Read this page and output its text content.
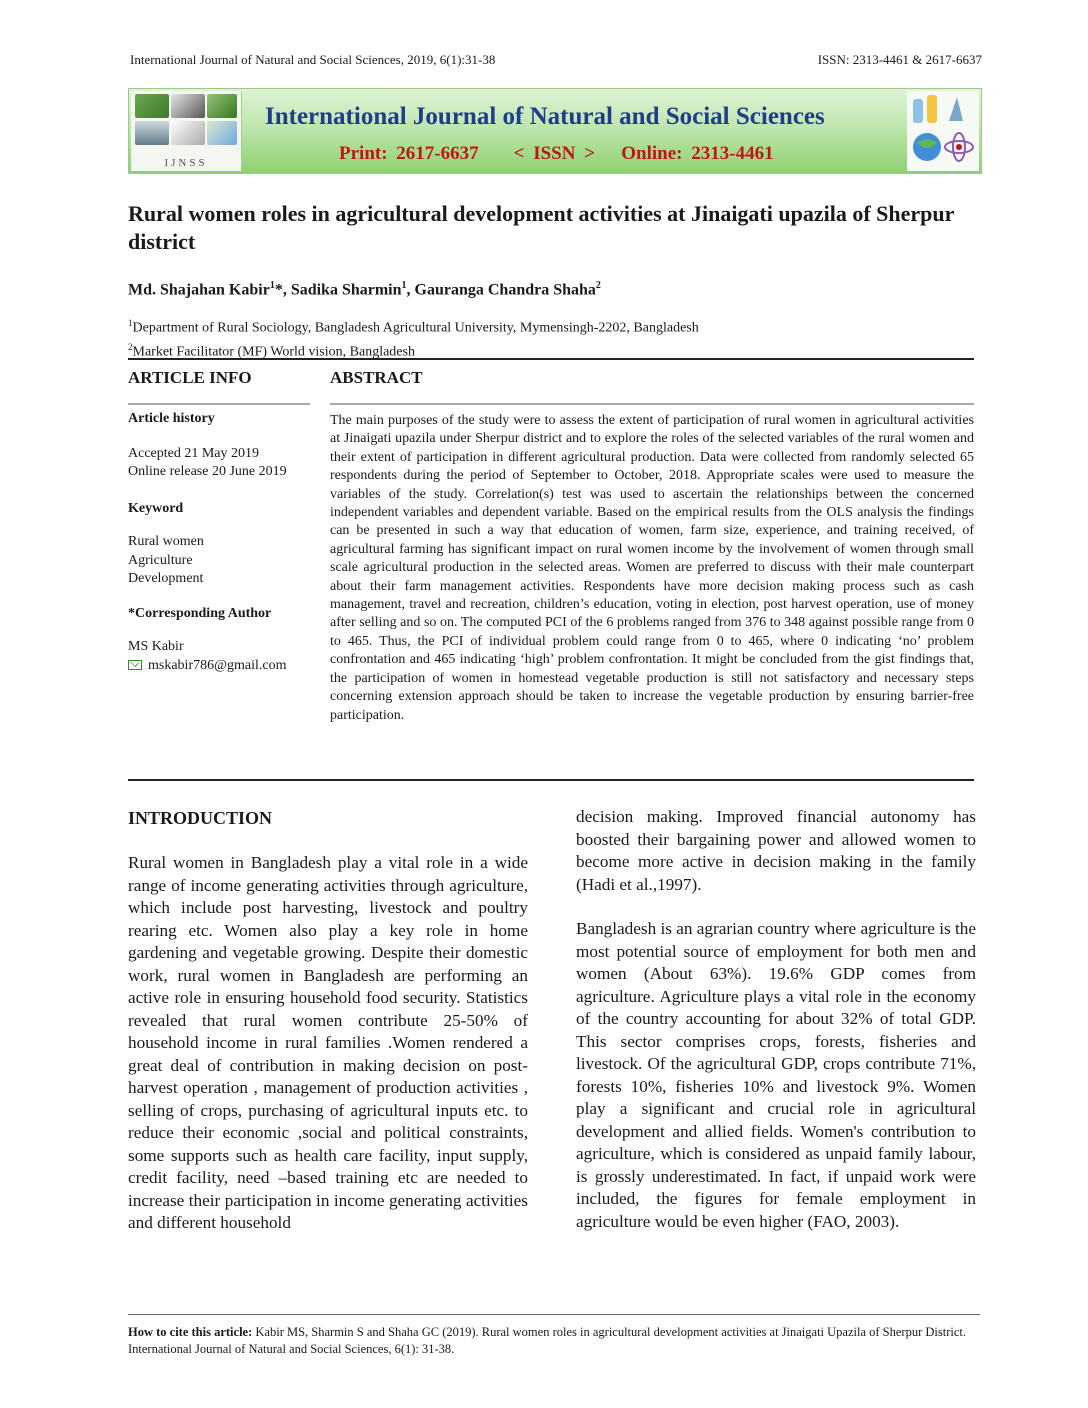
International Journal of Natural and Social Sciences, 2019, 6(1):31-38	ISSN: 2313-4461 & 2617-6637
IJNSS
International Journal of Natural and Social Sciences
Print: 2617-6637    < ISSN >   Online: 2313-4461
Rural women roles in agricultural development activities at Jinaigati upazila of Sherpur district
Md. Shajahan Kabir$^1$*, Sadika Sharmin$^1$, Gauranga Chandra Shaha$^2$
$^1$Department of Rural Sociology, Bangladesh Agricultural University, Mymensingh-2202, Bangladesh
$^2$Market Facilitator (MF) World vision, Bangladesh
ARTICLE INFO	ABSTRACT
Article history
Accepted 21 May 2019
Online release 20 June 2019
Keyword
Rural women
Agriculture
Development
*Corresponding Author
MS Kabir
mskabir786@gmail.com
The main purposes of the study were to assess the extent of participation of rural women in agricultural activities at Jinaigati upazila under Sherpur district and to explore the roles of the selected variables of the rural women and their extent of participation in different agricultural production. Data were collected from randomly selected 65 respondents during the period of September to October, 2018. Appropriate scales were used to measure the variables of the study. Correlation(s) test was used to ascertain the relationships between the concerned independent variables and dependent variable. Based on the empirical results from the OLS analysis the findings can be presented in such a way that education of women, farm size, experience, and training received, of agricultural farming has significant impact on rural women income by the involvement of women through small scale agricultural production in the selected areas. Women are preferred to discuss with their male counterpart about their farm management activities. Respondents have more decision making process such as cash management, travel and recreation, children’s education, voting in election, post harvest operation, use of money after selling and so on. The computed PCI of the 6 problems ranged from 376 to 348 against possible range from 0 to 465. Thus, the PCI of individual problem could range from 0 to 465, where 0 indicating ‘no’ problem confrontation and 465 indicating ‘high’ problem confrontation. It might be concluded from the gist findings that, the participation of women in homestead vegetable production is still not satisfactory and necessary steps concerning extension approach should be taken to increase the vegetable production by ensuring barrier-free participation.
INTRODUCTION

Rural women in Bangladesh play a vital role in a wide range of income generating activities through agriculture, which include post harvesting, livestock and poultry rearing etc. Women also play a key role in home gardening and vegetable growing. Despite their domestic work, rural women in Bangladesh are performing an active role in ensuring household food security. Statistics revealed that rural women contribute 25-50% of household income in rural families .Women rendered a great deal of contribution in making decision on post-harvest operation , management of production activities , selling of crops, purchasing of agricultural inputs etc. to reduce their economic ,social and political constraints, some supports such as health care facility, input supply, credit facility, need –based training etc are needed to increase their participation in income generating activities and different household

decision making. Improved financial autonomy has boosted their bargaining power and allowed women to become more active in decision making in the family (Hadi et al.,1997).

Bangladesh is an agrarian country where agriculture is the most potential source of employment for both men and women (About 63%). 19.6% GDP comes from agriculture. Agriculture plays a vital role in the economy of the country accounting for about 32% of total GDP. This sector comprises crops, forests, fisheries and livestock. Of the agricultural GDP, crops contribute 71%, forests 10%, fisheries 10% and livestock 9%. Women play a significant and crucial role in agricultural development and allied fields. Women's contribution to agriculture, which is considered as unpaid family labour, is grossly underestimated. In fact, if unpaid work were included, the figures for female employment in agriculture would be even higher (FAO, 2003).

How to cite this article: Kabir MS, Sharmin S and Shaha GC (2019). Rural women roles in agricultural development activities at Jinaigati Upazila of Sherpur District. International Journal of Natural and Social Sciences, 6(1): 31-38.
